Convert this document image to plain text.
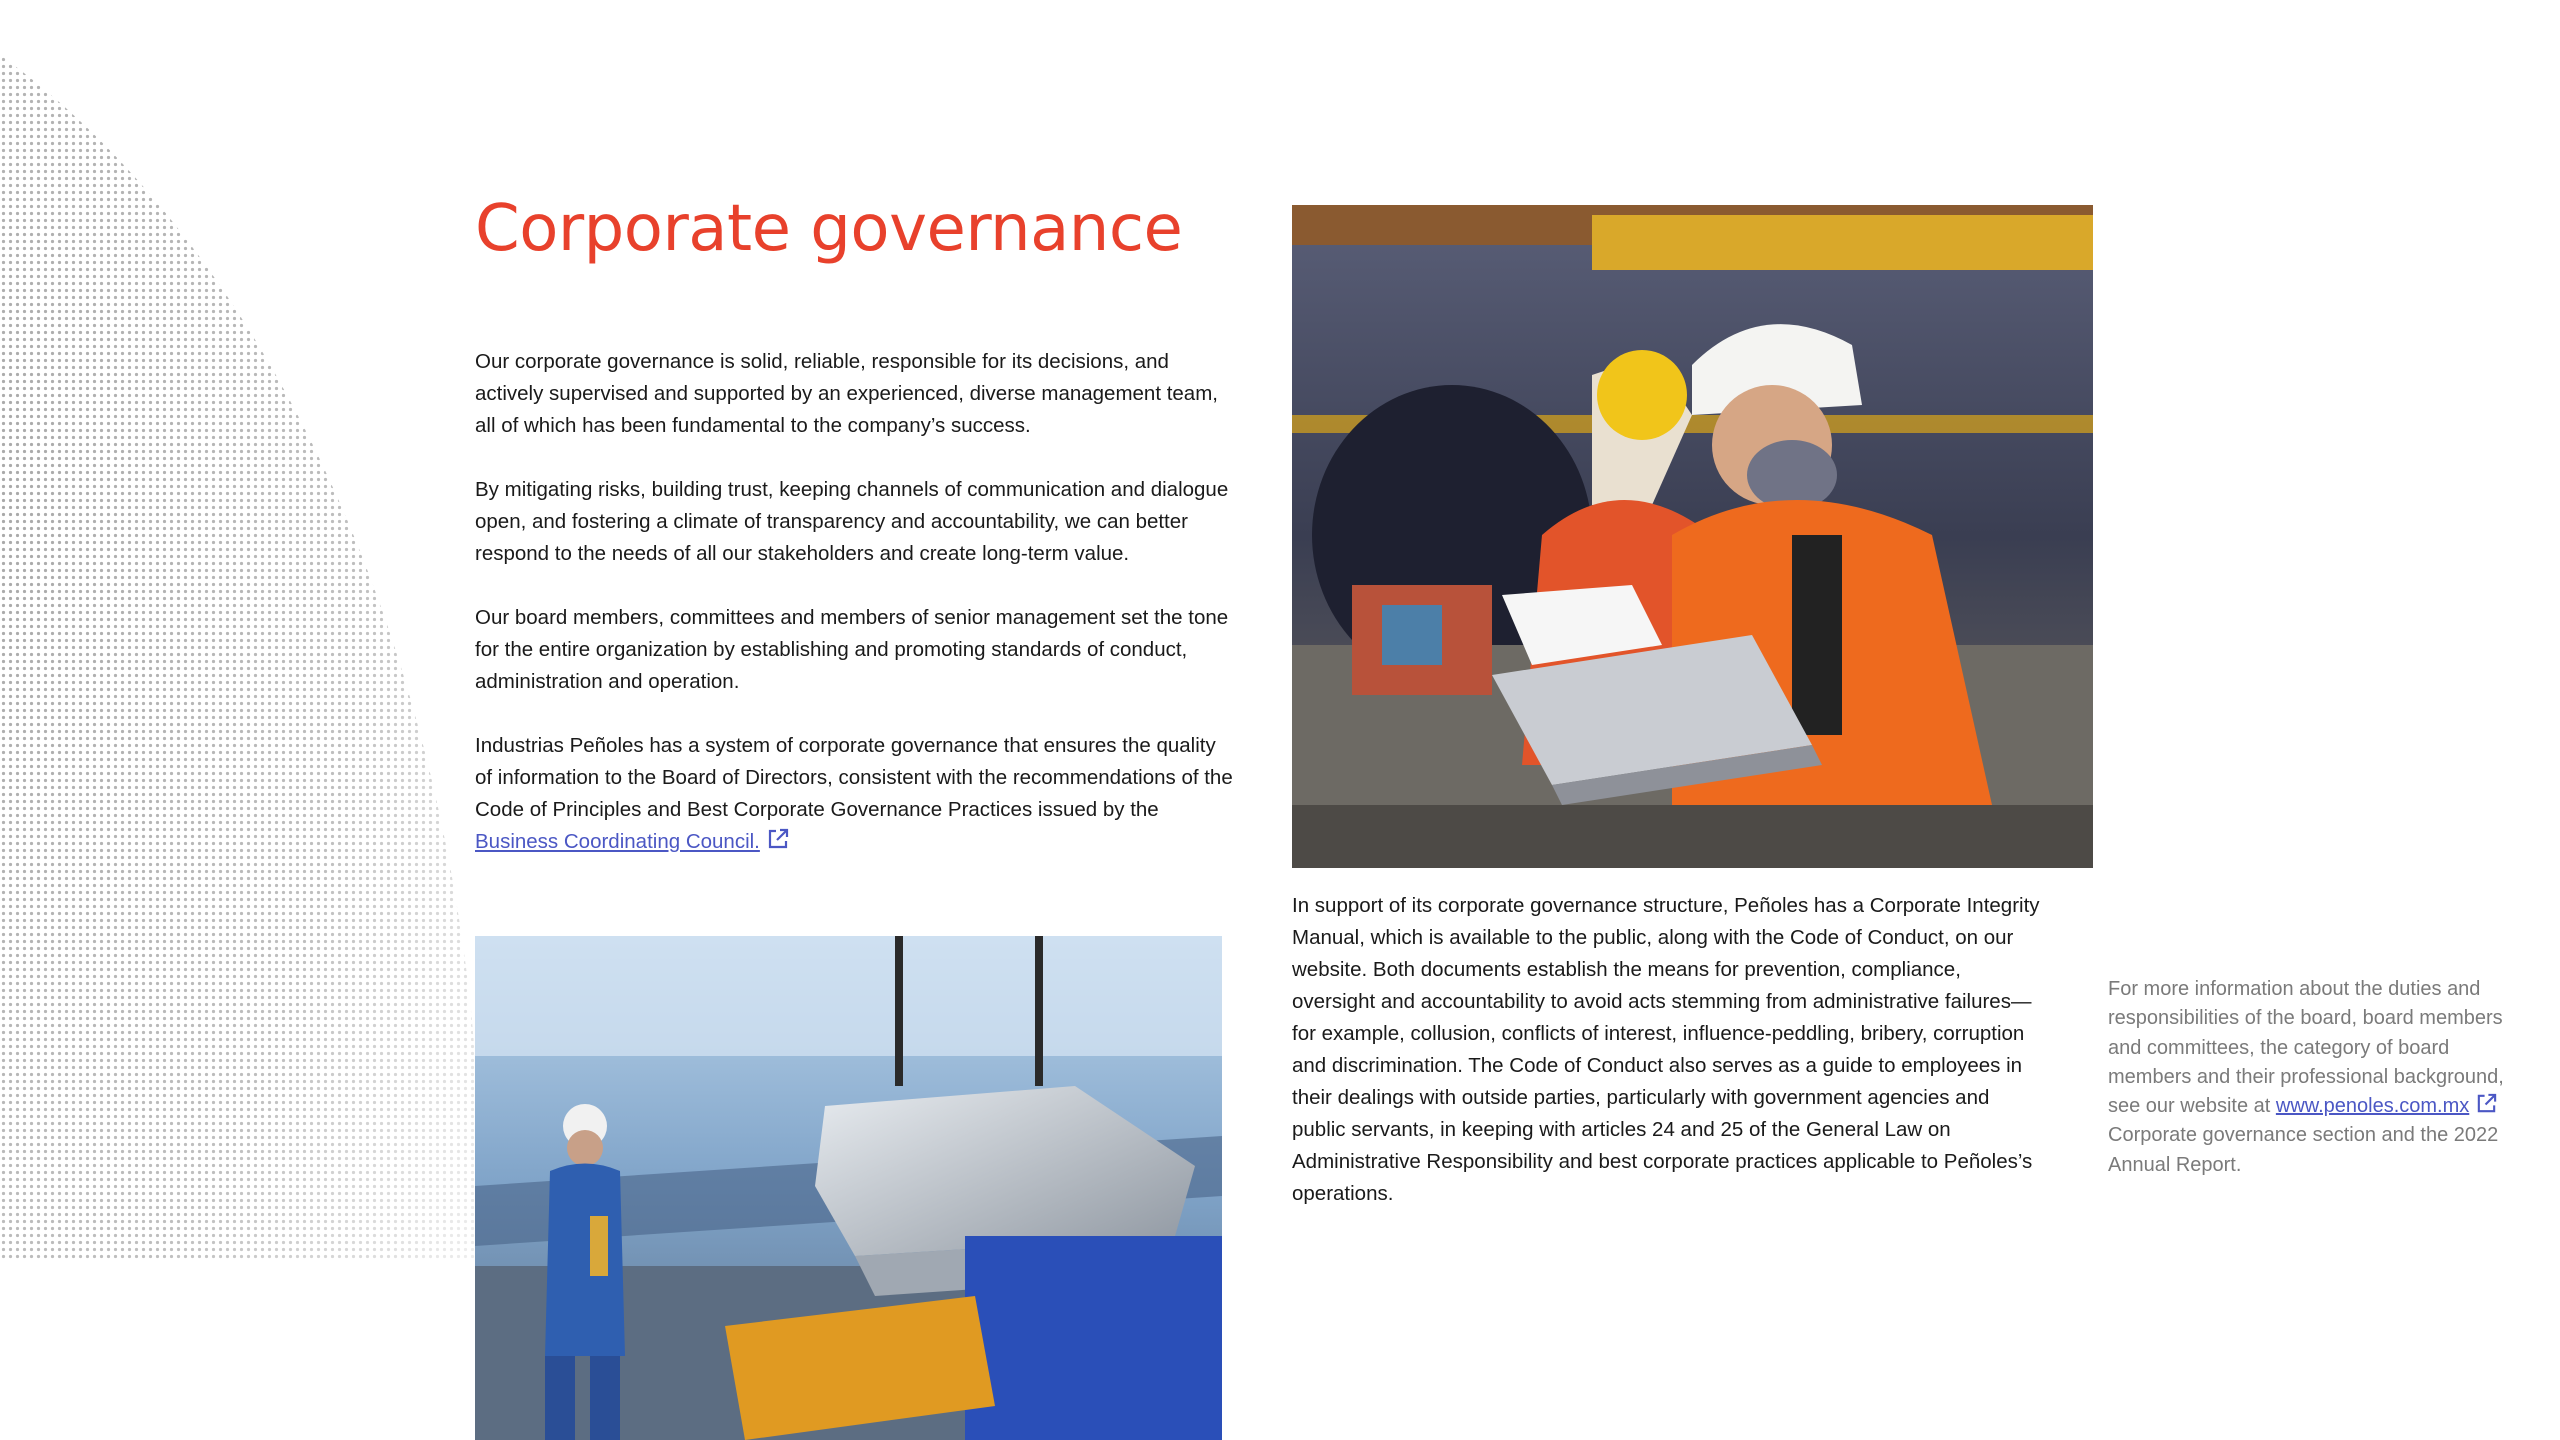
Corporate governance

Our corporate governance is solid, reliable, responsible for its decisions, and actively supervised and supported by an experienced, diverse management team, all of which has been fundamental to the company’s success.

By mitigating risks, building trust, keeping channels of communication and dialogue open, and fostering a climate of transparency and accountability, we can better respond to the needs of all our stakeholders and create long-term value.

Our board members, committees and members of senior management set the tone for the entire organization by establishing and promoting standards of conduct, administration and operation.

Industrias Peñoles has a system of corporate governance that ensures the quality of information to the Board of Directors, consistent with the recommendations of the Code of Principles and Best Corporate Governance Practices issued by the Business Coordinating Council.

In support of its corporate governance structure, Peñoles has a Corporate Integrity Manual, which is available to the public, along with the Code of Conduct, on our website. Both documents establish the means for prevention, compliance, oversight and accountability to avoid acts stemming from administrative failures—for example, collusion, conflicts of interest, influence-peddling, bribery, corruption and discrimination. The Code of Conduct also serves as a guide to employees in their dealings with outside parties, particularly with government agencies and public servants, in keeping with articles 24 and 25 of the General Law on Administrative Responsibility and best corporate practices applicable to Peñoles’s operations.

For more information about the duties and responsibilities of the board, board members and committees, the category of board members and their professional background, see our website at www.penoles.com.mx Corporate governance section and the 2022 Annual Report.
